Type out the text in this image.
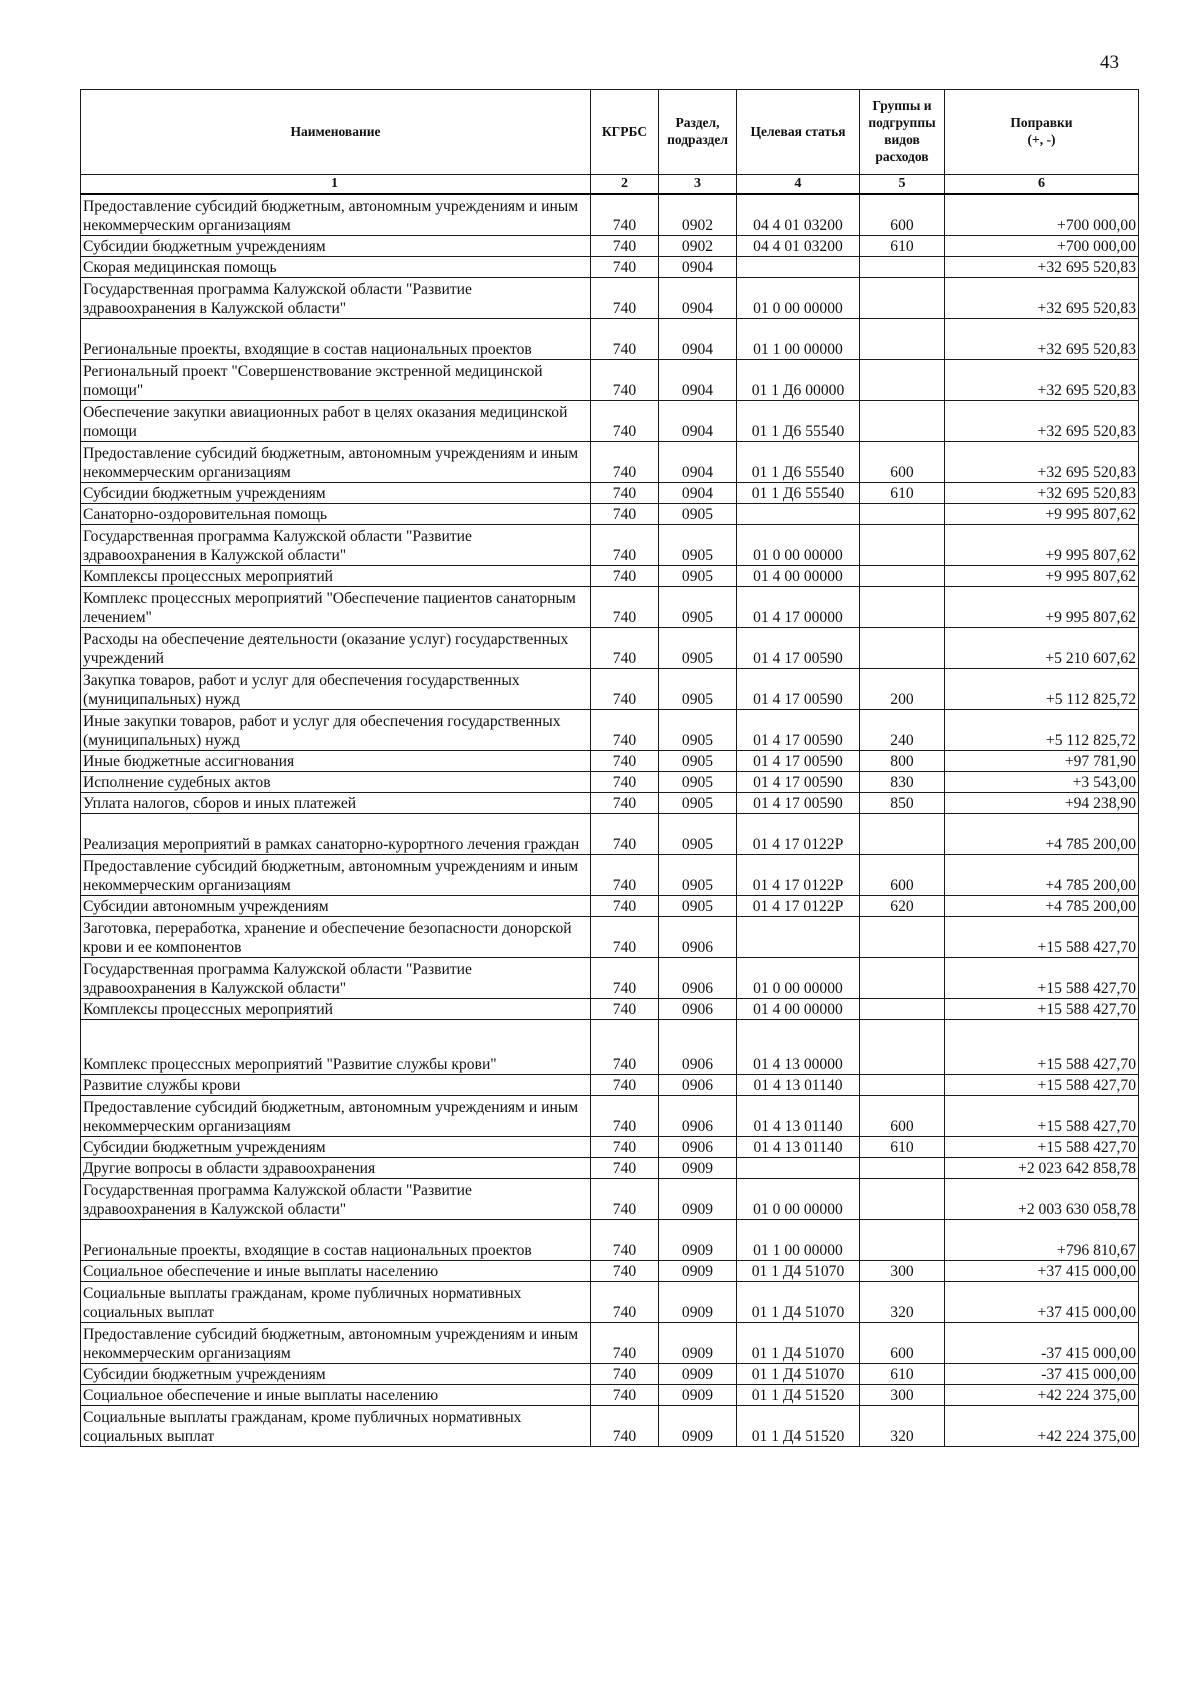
43
Наименование	КГРБС	Раздел, подраздел	Целевая статья	Группы и подгруппы видов расходов	Поправки
(+, -)

1	2	3	4	5	6
Предоставление субсидий бюджетным, автономным учреждениям и иным некоммерческим организациям	740	0902	04 4 01 03200	600	+700 000,00
Субсидии бюджетным учреждениям	740	0902	04 4 01 03200	610	+700 000,00
Скорая медицинская помощь	740	0904			+32 695 520,83
Государственная программа Калужской области "Развитие здравоохранения в Калужской области"	740	0904	01 0 00 00000		+32 695 520,83
Региональные проекты, входящие в состав национальных проектов	740	0904	01 1 00 00000		+32 695 520,83
Региональный проект "Совершенствование экстренной медицинской помощи"	740	0904	01 1 Д6 00000		+32 695 520,83
Обеспечение закупки авиационных работ в целях оказания медицинской помощи	740	0904	01 1 Д6 55540		+32 695 520,83
Предоставление субсидий бюджетным, автономным учреждениям и иным некоммерческим организациям	740	0904	01 1 Д6 55540	600	+32 695 520,83
Субсидии бюджетным учреждениям	740	0904	01 1 Д6 55540	610	+32 695 520,83
Санаторно-оздоровительная помощь	740	0905			+9 995 807,62
Государственная программа Калужской области "Развитие здравоохранения в Калужской области"	740	0905	01 0 00 00000		+9 995 807,62
Комплексы процессных мероприятий	740	0905	01 4 00 00000		+9 995 807,62
Комплекс процессных мероприятий "Обеспечение пациентов санаторным лечением"	740	0905	01 4 17 00000		+9 995 807,62
Расходы на обеспечение деятельности (оказание услуг) государственных учреждений	740	0905	01 4 17 00590		+5 210 607,62
Закупка товаров, работ и услуг для обеспечения государственных (муниципальных) нужд	740	0905	01 4 17 00590	200	+5 112 825,72
Иные закупки товаров, работ и услуг для обеспечения государственных (муниципальных) нужд	740	0905	01 4 17 00590	240	+5 112 825,72
Иные бюджетные ассигнования	740	0905	01 4 17 00590	800	+97 781,90
Исполнение судебных актов	740	0905	01 4 17 00590	830	+3 543,00
Уплата налогов, сборов и иных платежей	740	0905	01 4 17 00590	850	+94 238,90
Реализация мероприятий в рамках санаторно-курортного лечения граждан	740	0905	01 4 17 0122Р		+4 785 200,00
Предоставление субсидий бюджетным, автономным учреждениям и иным некоммерческим организациям	740	0905	01 4 17 0122Р	600	+4 785 200,00
Субсидии автономным учреждениям	740	0905	01 4 17 0122Р	620	+4 785 200,00
Заготовка, переработка, хранение и обеспечение безопасности донорской крови и ее компонентов	740	0906			+15 588 427,70
Государственная программа Калужской области "Развитие здравоохранения в Калужской области"	740	0906	01 0 00 00000		+15 588 427,70
Комплексы процессных мероприятий	740	0906	01 4 00 00000		+15 588 427,70
Комплекс процессных мероприятий "Развитие службы крови"	740	0906	01 4 13 00000		+15 588 427,70
Развитие службы крови	740	0906	01 4 13 01140		+15 588 427,70
Предоставление субсидий бюджетным, автономным учреждениям и иным некоммерческим организациям	740	0906	01 4 13 01140	600	+15 588 427,70
Субсидии бюджетным учреждениям	740	0906	01 4 13 01140	610	+15 588 427,70
Другие вопросы в области здравоохранения	740	0909			+2 023 642 858,78
Государственная программа Калужской области "Развитие здравоохранения в Калужской области"	740	0909	01 0 00 00000		+2 003 630 058,78
Региональные проекты, входящие в состав национальных проектов	740	0909	01 1 00 00000		+796 810,67
Социальное обеспечение и иные выплаты населению	740	0909	01 1 Д4 51070	300	+37 415 000,00
Социальные выплаты гражданам, кроме публичных нормативных социальных выплат	740	0909	01 1 Д4 51070	320	+37 415 000,00
Предоставление субсидий бюджетным, автономным учреждениям и иным некоммерческим организациям	740	0909	01 1 Д4 51070	600	-37 415 000,00
Субсидии бюджетным учреждениям	740	0909	01 1 Д4 51070	610	-37 415 000,00
Социальное обеспечение и иные выплаты населению	740	0909	01 1 Д4 51520	300	+42 224 375,00
Социальные выплаты гражданам, кроме публичных нормативных социальных выплат	740	0909	01 1 Д4 51520	320	+42 224 375,00
